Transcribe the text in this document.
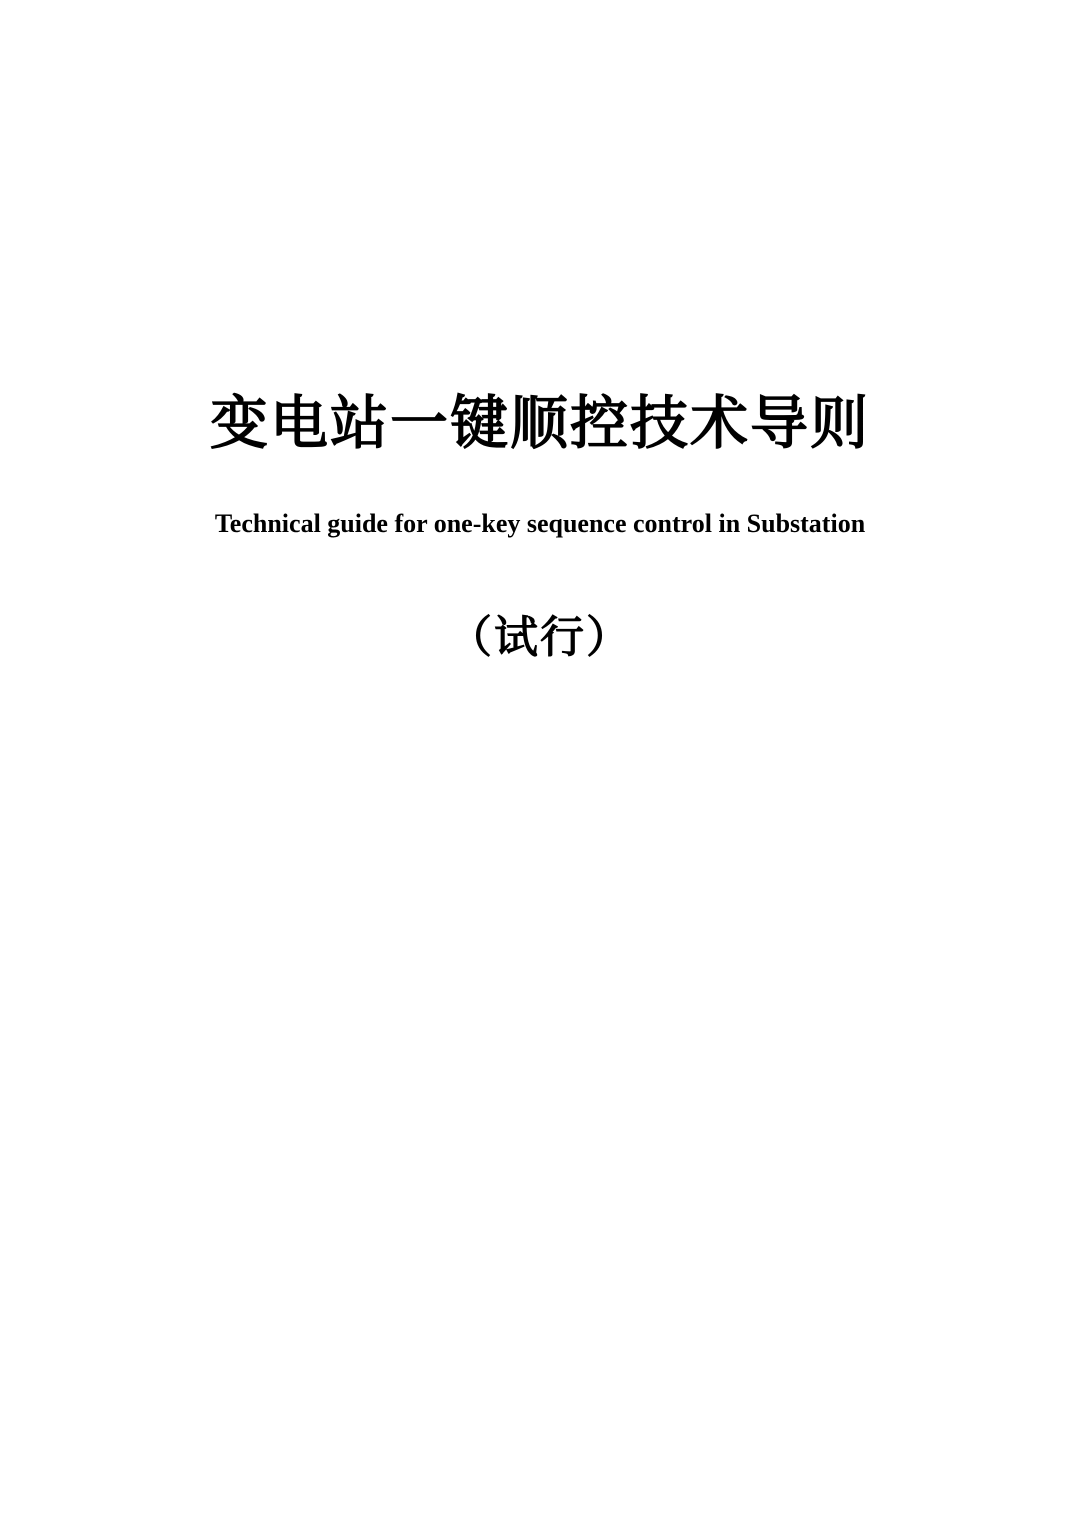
变电站一键顺控技术导则

Technical guide for one-key sequence control in Substation

（试行）
